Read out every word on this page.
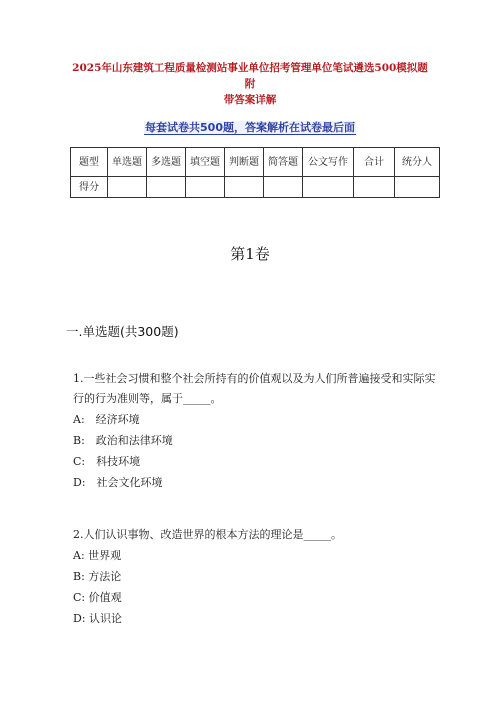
2025年山东建筑工程质量检测站事业单位招考管理单位笔试遴选500模拟题附
带答案详解
每套试卷共500题，答案解析在试卷最后面
题型	单选题	多选题	填空题	判断题	简答题	公文写作	合计	统分人
得分								
第1卷
一.单选题(共300题)
1.一些社会习惯和整个社会所持有的价值观以及为人们所普遍接受和实际实行的行为准则等，属于_____。
A:　经济环境
B:　政治和法律环境
C:　科技环境
D:　社会文化环境
2.人们认识事物、改造世界的根本方法的理论是_____。
A: 世界观
B: 方法论
C: 价值观
D: 认识论
